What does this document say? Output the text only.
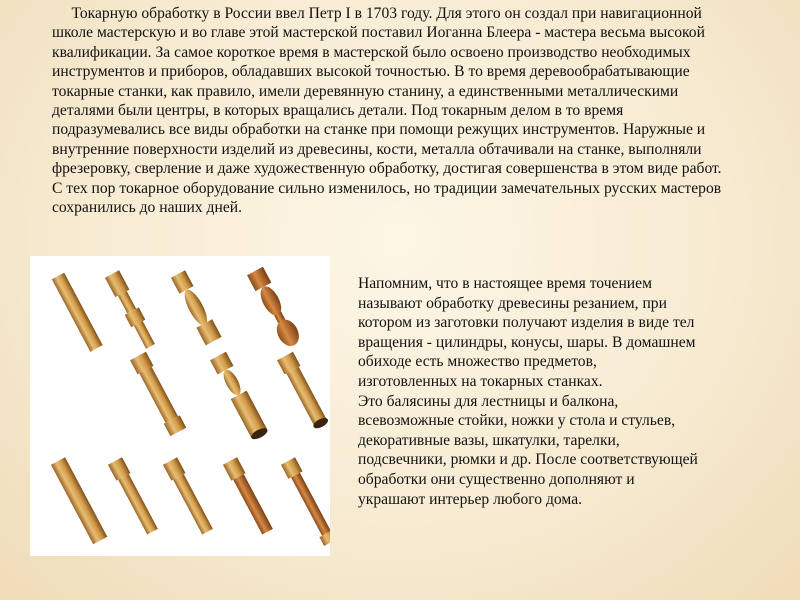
Токарную обработку в России ввел Петр I в 1703 году. Для этого он создал при навигационной
школе мастерскую и во главе этой мастерской поставил Иоганна Блеера - мастера весьма высокой
квалификации. За самое короткое время в мастерской было освоено производство необходимых
инструментов и приборов, обладавших высокой точностью. В то время деревообрабатывающие
токарные станки, как правило, имели деревянную станину, а единственными металлическими
деталями были центры, в которых вращались детали. Под токарным делом в то время
подразумевались все виды обработки на станке при помощи режущих инструментов. Наружные и
внутренние поверхности изделий из древесины, кости, металла обтачивали на станке, выполняли
фрезеровку, сверление и даже художественную обработку, достигая совершенства в этом виде работ.
С тех пор токарное оборудование сильно изменилось, но традиции замечательных русских мастеров
сохранились до наших дней.
Напомним, что в настоящее время точением
называют обработку древесины резанием, при
котором из заготовки получают изделия в виде тел
вращения - цилиндры, конусы, шары. В домашнем
обиходе есть множество предметов,
изготовленных на токарных станках.
Это балясины для лестницы и балкона,
всевозможные стойки, ножки у стола и стульев,
декоративные вазы, шкатулки, тарелки,
подсвечники, рюмки и др. После соответствующей
обработки они существенно дополняют и
украшают интерьер любого дома.
